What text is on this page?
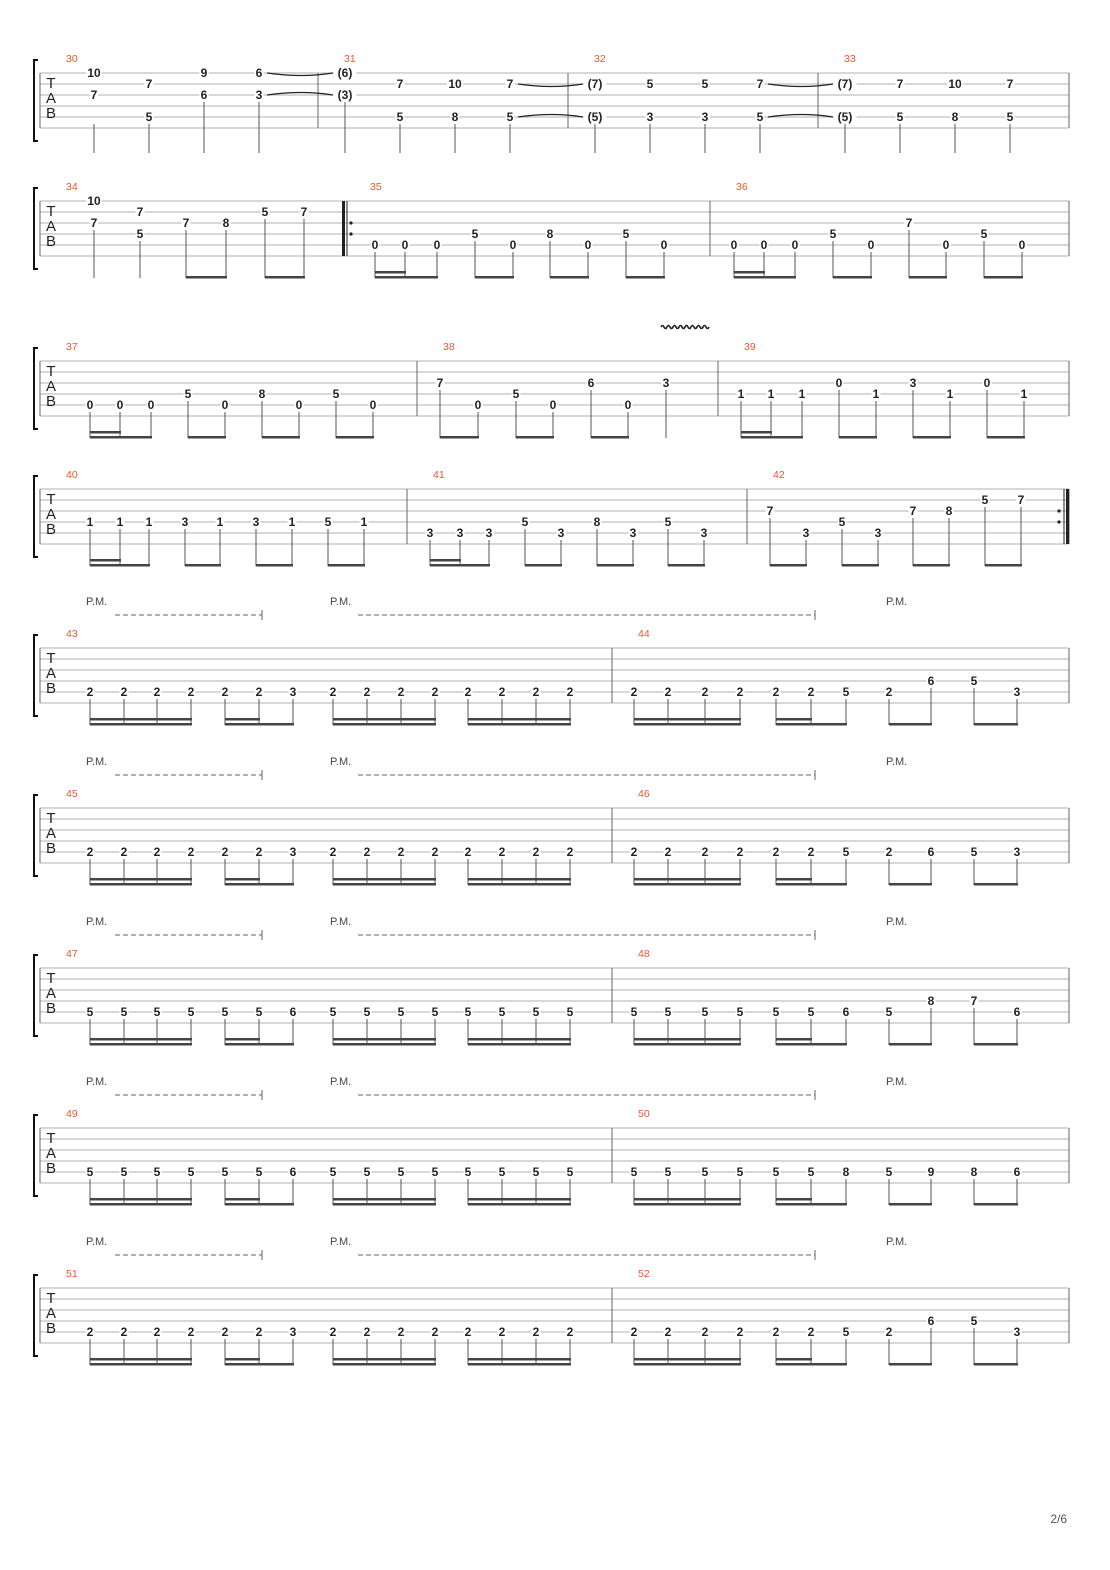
T
A
B
30
10
7
7
5
9
6
6
3
31
(6)
(3)
7
5
10
8
7
5
32
(7)
(5)
5
3
5
3
7
5
33
(7)
(5)
7
5
10
8
7
5
T
A
B
34
10
7
7
5
7	8
5	7
35
0 0 0
5
0
8
0
5
0
36
0 0 0
5
0
7
0
5
0
T
A
B
37
0 0 0
5
0
8
0
5
0
38
7
0
5
0
6
0
3
39
1 1 1
0
1
3
1
0
1
T
A
B
40
1 1 1 3 1 3 1 5 1
41
3 3 3
5
3
8
3
5
3
42
7
3
5
3
7 8
5 7
T
A
B
43
2 2 2 2 2 2 3	2 2 2 2 2 2 2 2
44
2 2	2 2 2 2 5	2
6	5
3
P.M.	P.M.	P.M.
T
A
B
45
2 2 2 2 2 2 3	2 2 2 2 2 2 2 2
46
2 2	2 2 2 2 5	2	6	5	3
P.M.	P.M.	P.M.
T
A
B
47
5 5 5 5 5 5 6	5 5 5 5 5 5 5 5
48
5 5	5 5 5 5 6	5
8	7
6
P.M.	P.M.	P.M.
T
A
B
49
5 5 5 5 5 5 6	5 5 5 5 5 5 5 5
50
5 5	5 5 5 5 8	5	9	8	6
P.M.	P.M.	P.M.
T
A
B
51
2 2 2 2 2 2 3	2 2 2 2 2 2 2 2
52
2 2	2 2 2 2 5	2
6	5
3
P.M.	P.M.	P.M.
2/6
